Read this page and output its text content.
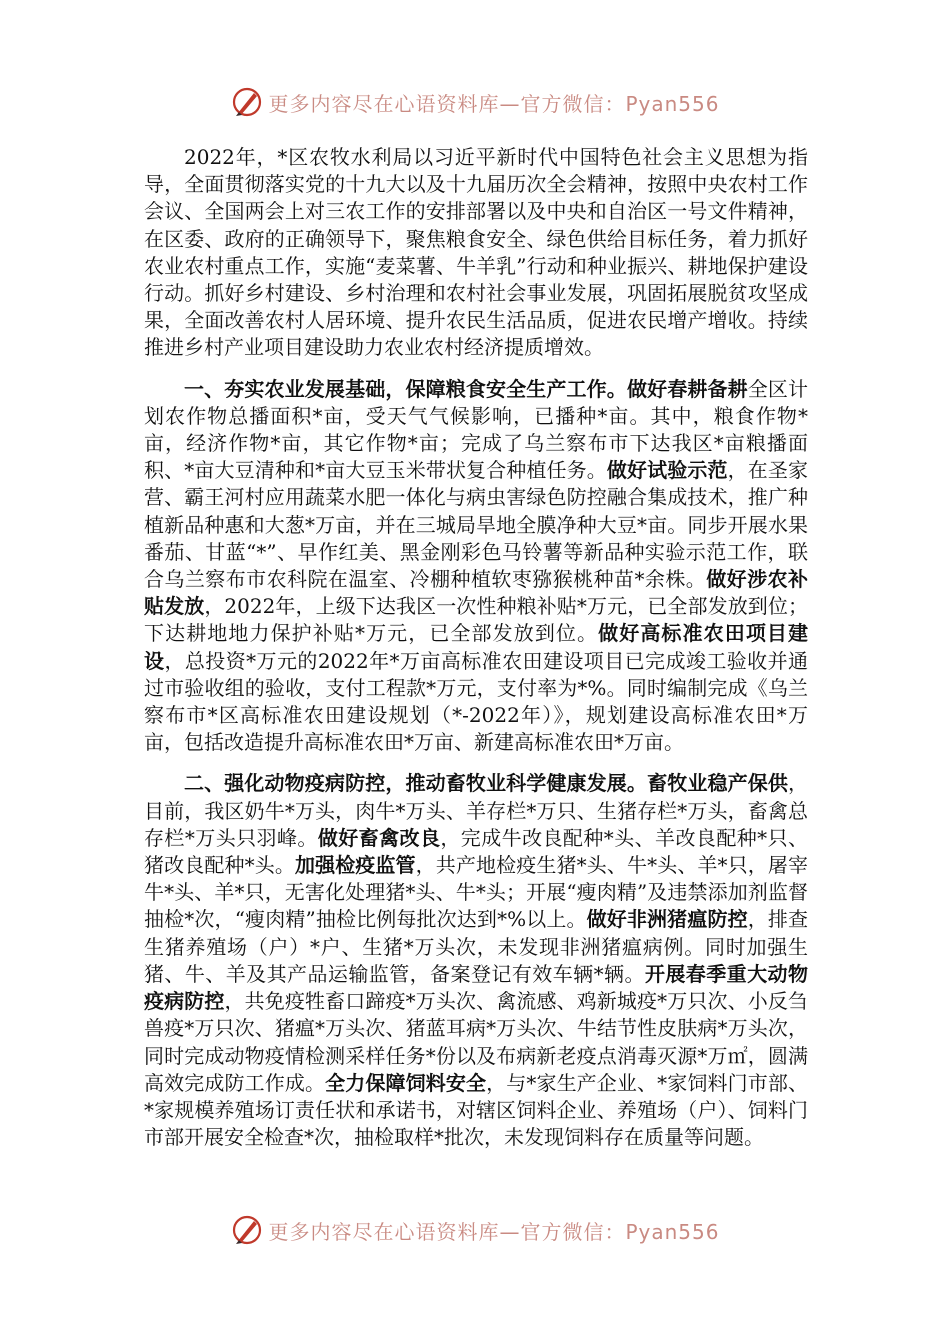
更多内容尽在心语资料库—官方微信：Pyan556

2022年，*区农牧水利局以习近平新时代中国特色社会主义思想为指导，全面贯彻落实党的十九大以及十九届历次全会精神，按照中央农村工作会议、全国两会上对三农工作的安排部署以及中央和自治区一号文件精神，在区委、政府的正确领导下，聚焦粮食安全、绿色供给目标任务，着力抓好农业农村重点工作，实施“麦菜薯、牛羊乳”行动和种业振兴、耕地保护建设行动。抓好乡村建设、乡村治理和农村社会事业发展，巩固拓展脱贫攻坚成果，全面改善农村人居环境、提升农民生活品质，促进农民增产增收。持续推进乡村产业项目建设助力农业农村经济提质增效。

一、夯实农业发展基础，保障粮食安全生产工作。做好春耕备耕全区计划农作物总播面积*亩，受天气气候影响，已播种*亩。其中，粮食作物*亩，经济作物*亩，其它作物*亩；完成了乌兰察布市下达我区*亩粮播面积、*亩大豆清种和*亩大豆玉米带状复合种植任务。做好试验示范，在圣家营、霸王河村应用蔬菜水肥一体化与病虫害绿色防控融合集成技术，推广种植新品种惠和大葱*万亩，并在三城局旱地全膜净种大豆*亩。同步开展水果番茄、甘蓝“*”、早作红美、黑金刚彩色马铃薯等新品种实验示范工作，联合乌兰察布市农科院在温室、冷棚种植软枣猕猴桃种苗*余株。做好涉农补贴发放，2022年，上级下达我区一次性种粮补贴*万元，已全部发放到位；下达耕地地力保护补贴*万元，已全部发放到位。做好高标准农田项目建设，总投资*万元的2022年*万亩高标准农田建设项目已完成竣工验收并通过市验收组的验收，支付工程款*万元，支付率为*%。同时编制完成《乌兰察布市*区高标准农田建设规划（*-2022年）》，规划建设高标准农田*万亩，包括改造提升高标准农田*万亩、新建高标准农田*万亩。

二、强化动物疫病防控，推动畜牧业科学健康发展。畜牧业稳产保供，目前，我区奶牛*万头，肉牛*万头、羊存栏*万只、生猪存栏*万头，畜禽总存栏*万头只羽峰。做好畜禽改良，完成牛改良配种*头、羊改良配种*只、猪改良配种*头。加强检疫监管，共产地检疫生猪*头、牛*头、羊*只，屠宰牛*头、羊*只，无害化处理猪*头、牛*头；开展“瘦肉精”及违禁添加剂监督抽检*次，“瘦肉精”抽检比例每批次达到*%以上。做好非洲猪瘟防控，排查生猪养殖场（户）*户、生猪*万头次，未发现非洲猪瘟病例。同时加强生猪、牛、羊及其产品运输监管，备案登记有效车辆*辆。开展春季重大动物疫病防控，共免疫牲畜口蹄疫*万头次、禽流感、鸡新城疫*万只次、小反刍兽疫*万只次、猪瘟*万头次、猪蓝耳病*万头次、牛结节性皮肤病*万头次，同时完成动物疫情检测采样任务*份以及布病新老疫点消毒灭源*万㎡，圆满高效完成防工作成。全力保障饲料安全，与*家生产企业、*家饲料门市部、*家规模养殖场订责任状和承诺书，对辖区饲料企业、养殖场（户）、饲料门市部开展安全检查*次，抽检取样*批次，未发现饲料存在质量等问题。

更多内容尽在心语资料库—官方微信：Pyan556
